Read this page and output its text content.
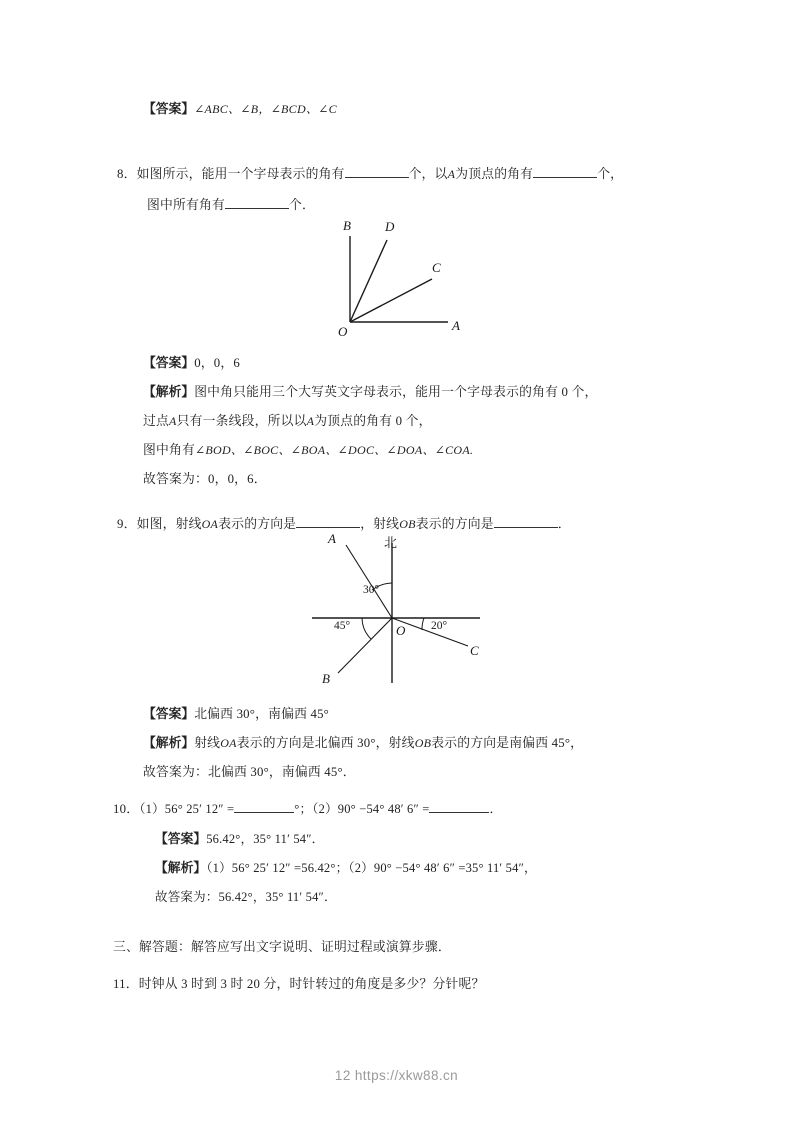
【答案】∠ABC、∠B，∠BCD、∠C
8．如图所示，能用一个字母表示的角有	个，以A为顶点的角有	个，
图中所有角有	个．
B	D
C
A
O
【答案】0，0，6
【解析】图中角只能用三个大写英文字母表示，能用一个字母表示的角有 0 个，
过点A只有一条线段，所以以A为顶点的角有 0 个，
图中角有∠BOD、∠BOC、∠BOA、∠DOC、∠DOA、∠COA.
故答案为：0，0，6．
9．如图，射线OA表示的方向是	，射线OB表示的方向是	．
北
A
B
C
O
30°
45°	20°
【答案】北偏西 30°，南偏西 45°
【解析】射线OA表示的方向是北偏西 30°，射线OB表示的方向是南偏西 45°，
故答案为：北偏西 30°，南偏西 45°．
10．（1）56° 25′ 12″ =	°；（2）90° −54° 48′ 6″ =	．
【答案】56.42°，35° 11′ 54″．
【解析】（1）56° 25′ 12″ =56.42°；（2）90° −54° 48′ 6″ =35° 11′ 54″，
故答案为：56.42°，35° 11′ 54″．
三、解答题：解答应写出文字说明、证明过程或演算步骤．
11．时钟从 3 时到 3 时 20 分，时针转过的角度是多少？分针呢？
12 https://xkw88.cn
